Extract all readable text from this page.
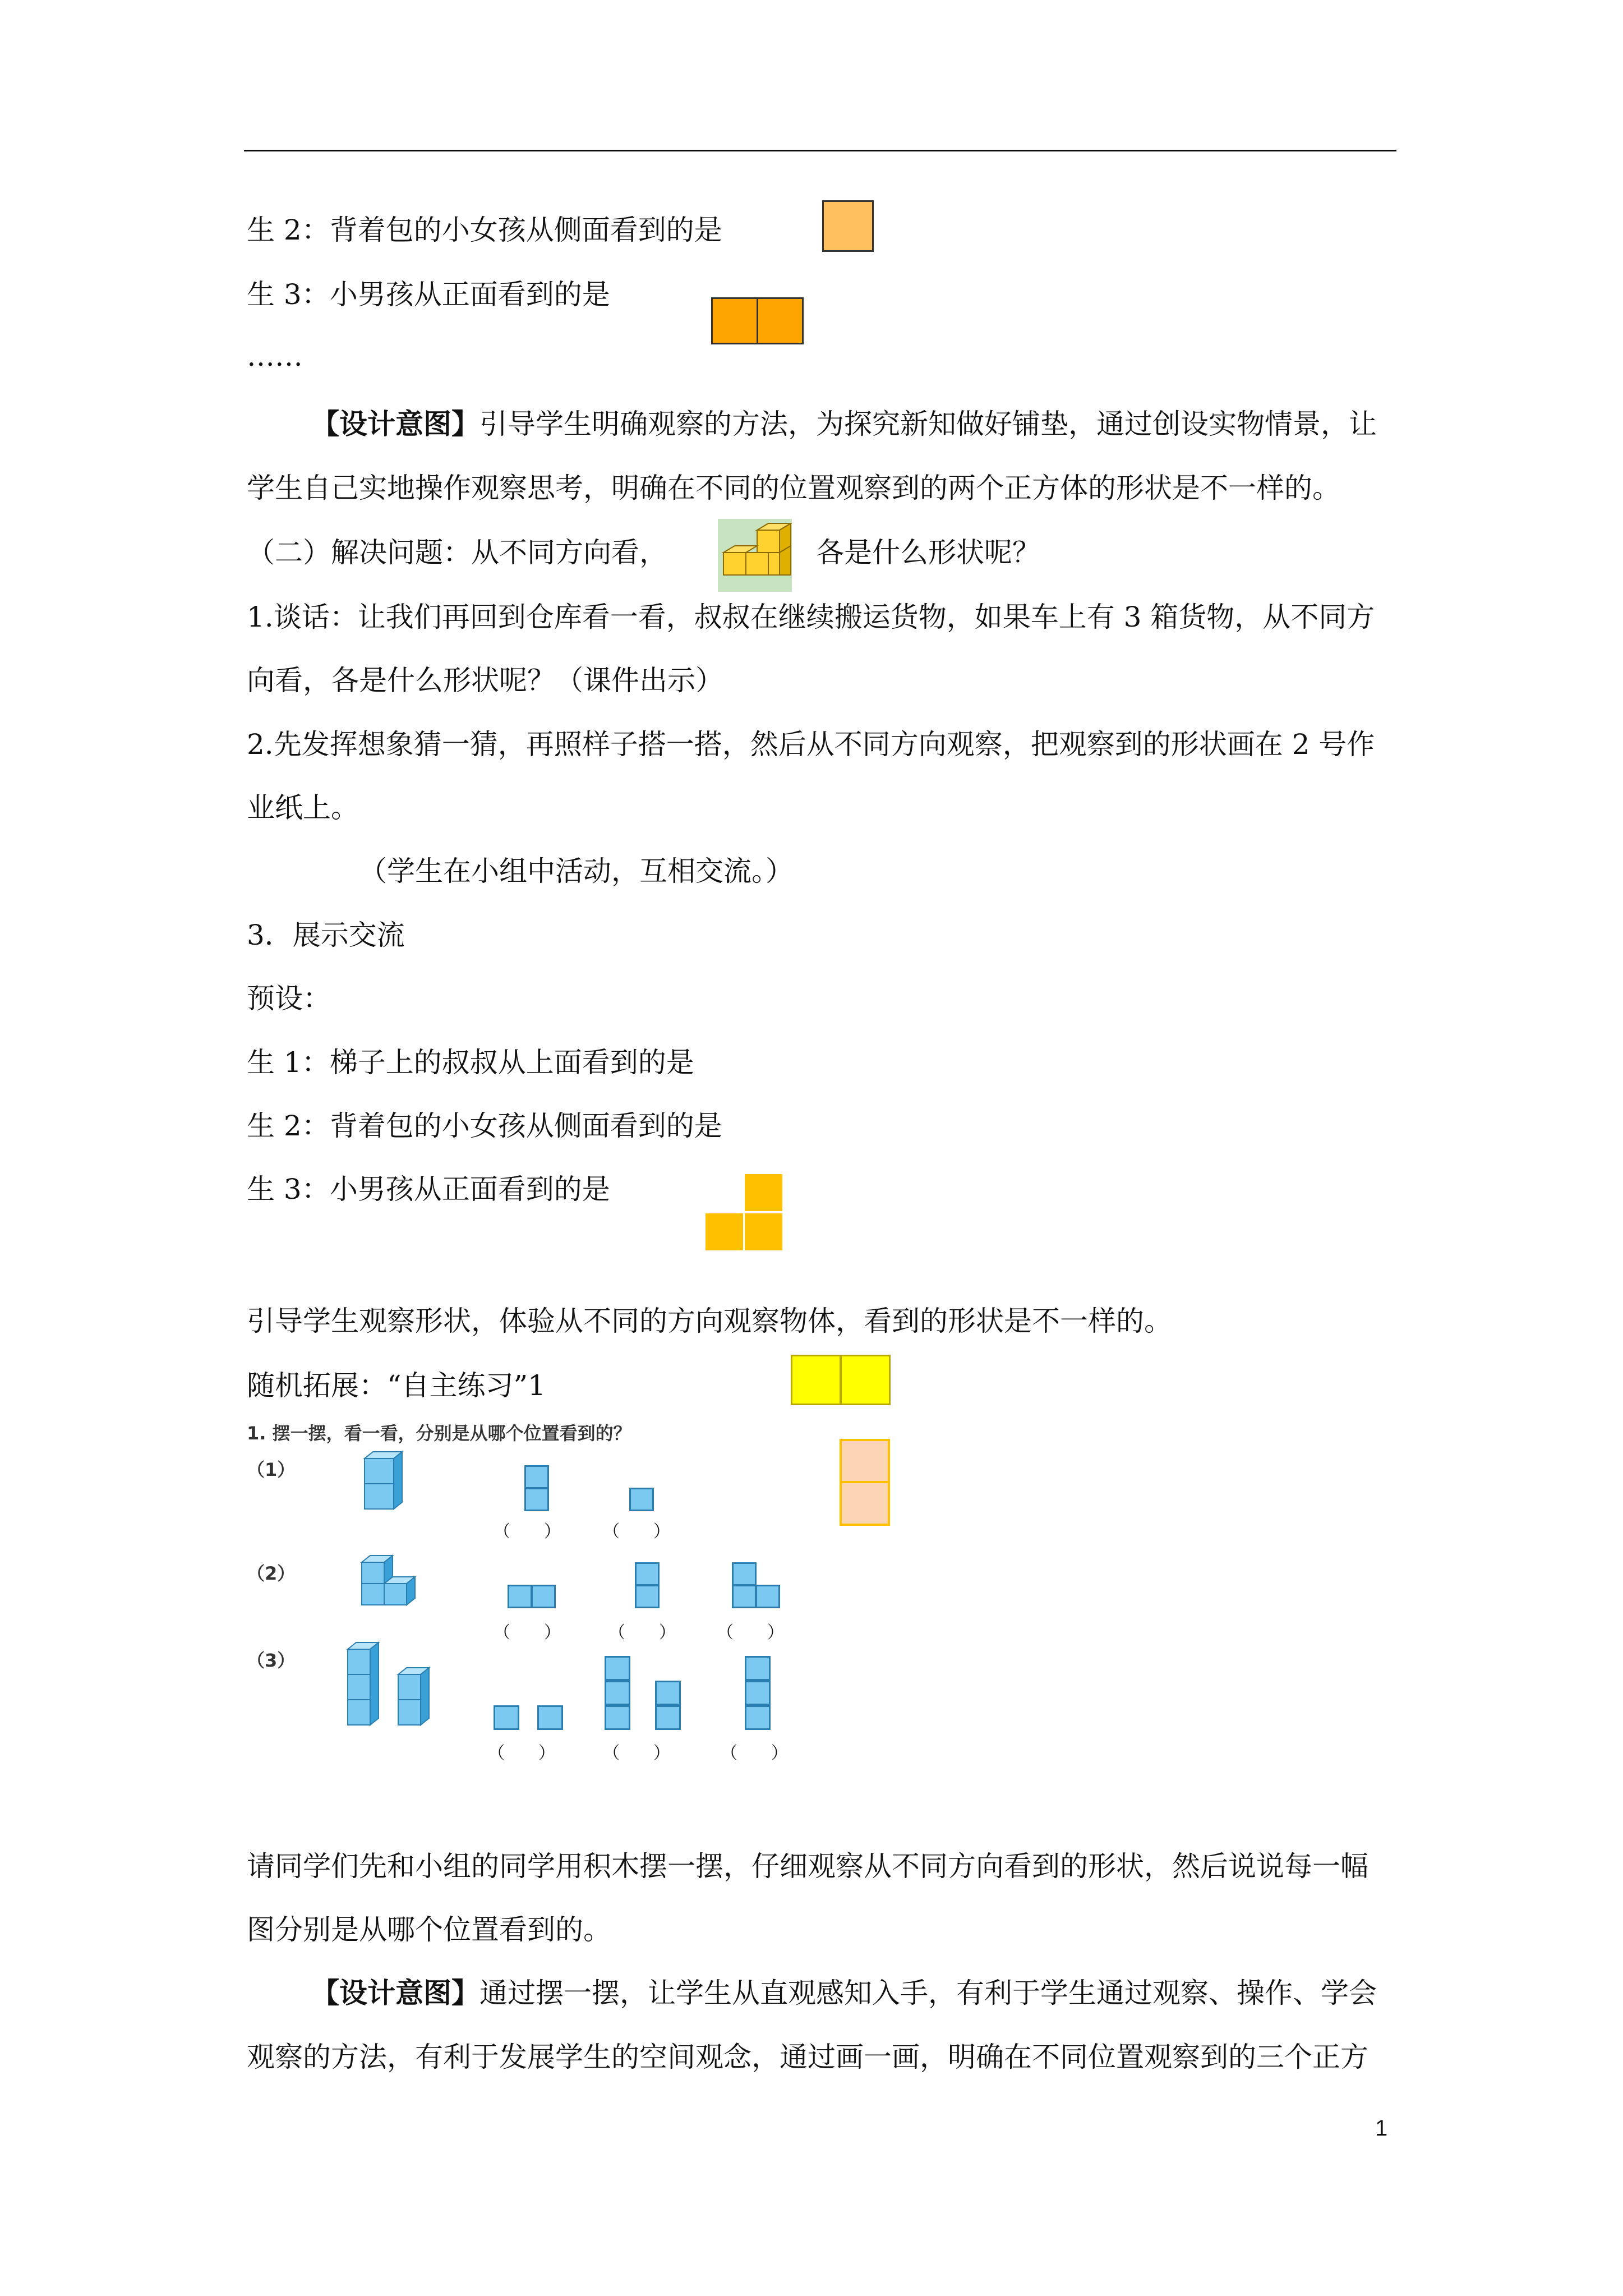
生 2：背着包的小女孩从侧面看到的是
生 3：小男孩从正面看到的是
……
【设计意图】引导学生明确观察的方法，为探究新知做好铺垫，通过创设实物情景，让
学生自己实地操作观察思考，明确在不同的位置观察到的两个正方体的形状是不一样的。
（二）解决问题：从不同方向看，	各是什么形状呢？
1.谈话：让我们再回到仓库看一看，叔叔在继续搬运货物，如果车上有 3 箱货物，从不同方
向看，各是什么形状呢？（课件出示）
2.先发挥想象猜一猜，再照样子搭一搭，然后从不同方向观察，把观察到的形状画在 2 号作
业纸上。
（学生在小组中活动，互相交流。）
3．展示交流
预设：
生 1：梯子上的叔叔从上面看到的是
生 2：背着包的小女孩从侧面看到的是
生 3：小男孩从正面看到的是
引导学生观察形状，体验从不同的方向观察物体，看到的形状是不一样的。
随机拓展：“自主练习”1
1. 摆一摆，看一看，分别是从哪个位置看到的？
（1）
（2）
（3）
（　　）	（　　）
（　　）	（　　） （　　）
（　　）	（　　）	（　　）
请同学们先和小组的同学用积木摆一摆，仔细观察从不同方向看到的形状，然后说说每一幅
图分别是从哪个位置看到的。
【设计意图】通过摆一摆，让学生从直观感知入手，有利于学生通过观察、操作、学会
观察的方法，有利于发展学生的空间观念，通过画一画，明确在不同位置观察到的三个正方
1
